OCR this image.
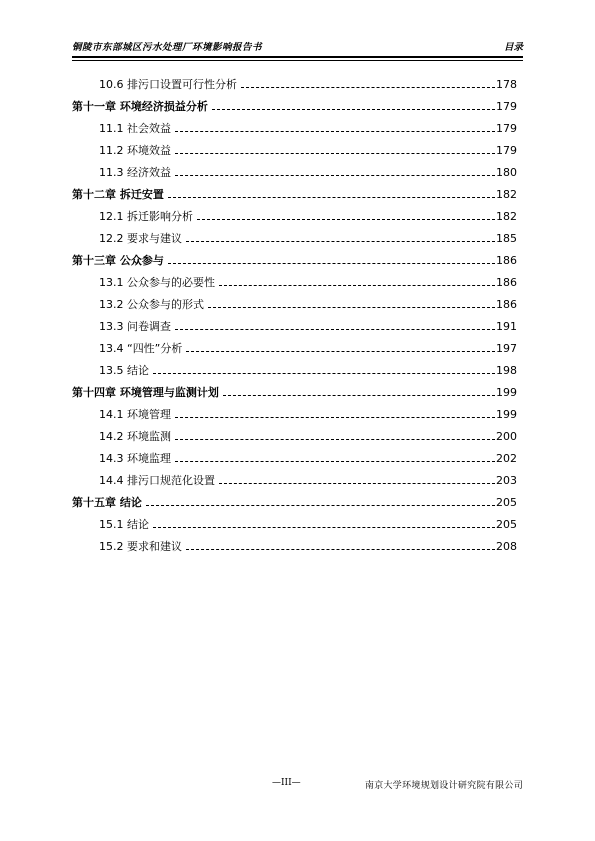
铜陵市东部城区污水处理厂环境影响报告书	目录
10.6 排污口设置可行性分析	178
第十一章 环境经济损益分析	179
11.1 社会效益	179
11.2 环境效益	179
11.3 经济效益	180
第十二章 拆迁安置	182
12.1 拆迁影响分析	182
12.2 要求与建议	185
第十三章 公众参与	186
13.1 公众参与的必要性	186
13.2 公众参与的形式	186
13.3 问卷调查	191
13.4 “四性”分析	197
13.5 结论	198
第十四章 环境管理与监测计划	199
14.1 环境管理	199
14.2 环境监测	200
14.3 环境监理	202
14.4 排污口规范化设置	203
第十五章 结论	205
15.1 结论	205
15.2 要求和建议	208
—III—	南京大学环境规划设计研究院有限公司
